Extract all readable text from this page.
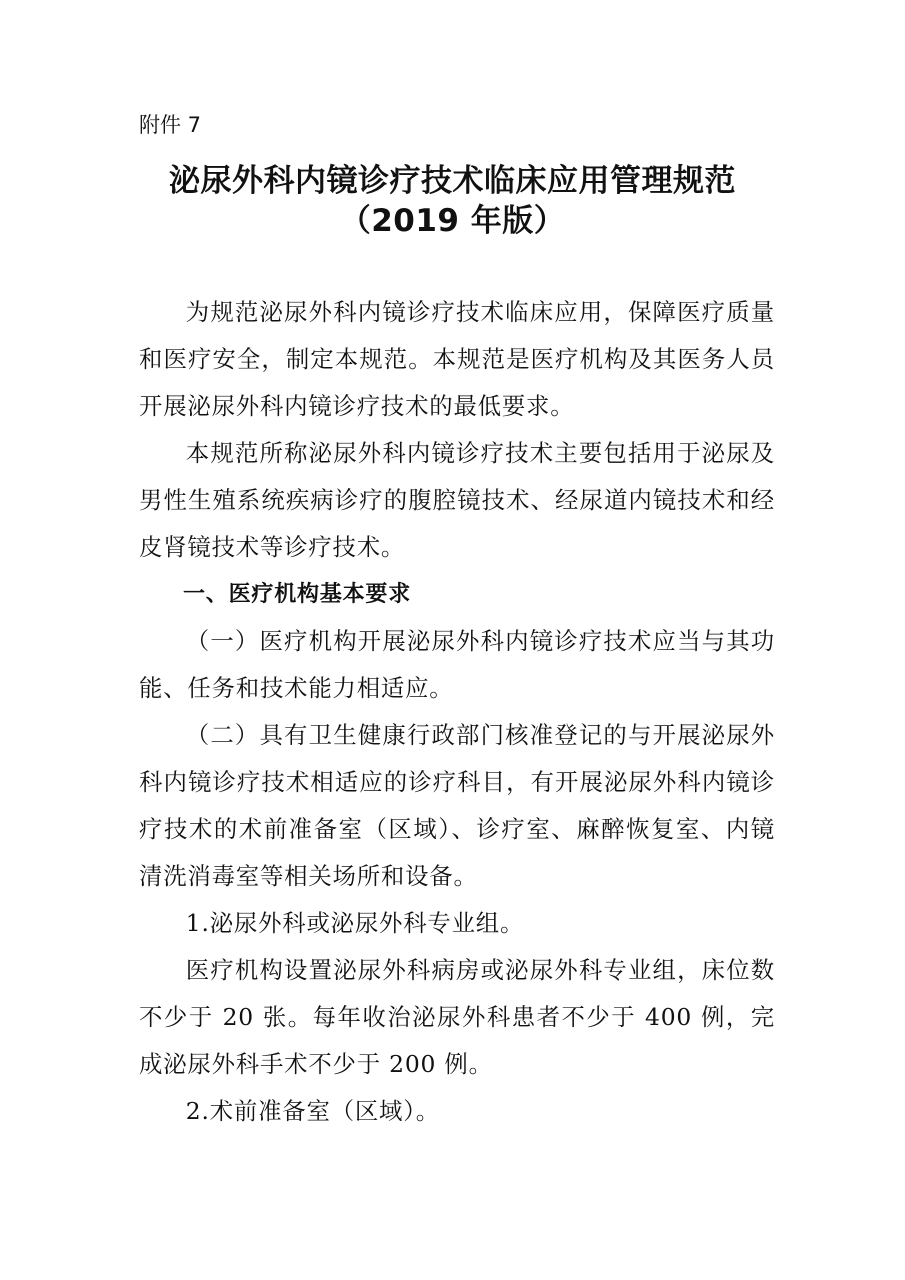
附件 7
泌尿外科内镜诊疗技术临床应用管理规范
（2019 年版）

为规范泌尿外科内镜诊疗技术临床应用，保障医疗质量和医疗安全，制定本规范。本规范是医疗机构及其医务人员开展泌尿外科内镜诊疗技术的最低要求。

本规范所称泌尿外科内镜诊疗技术主要包括用于泌尿及男性生殖系统疾病诊疗的腹腔镜技术、经尿道内镜技术和经皮肾镜技术等诊疗技术。

一、医疗机构基本要求

（一）医疗机构开展泌尿外科内镜诊疗技术应当与其功能、任务和技术能力相适应。

（二）具有卫生健康行政部门核准登记的与开展泌尿外科内镜诊疗技术相适应的诊疗科目，有开展泌尿外科内镜诊疗技术的术前准备室（区域）、诊疗室、麻醉恢复室、内镜清洗消毒室等相关场所和设备。

1.泌尿外科或泌尿外科专业组。

医疗机构设置泌尿外科病房或泌尿外科专业组，床位数不少于 20 张。每年收治泌尿外科患者不少于 400 例，完成泌尿外科手术不少于 200 例。

2.术前准备室（区域）。
